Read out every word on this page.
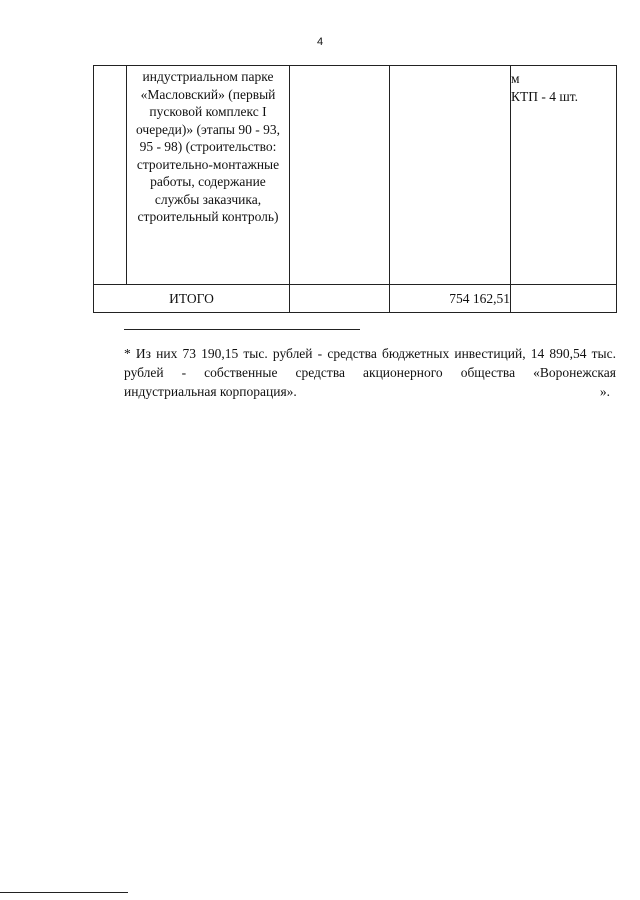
4

	индустриальном парке «Масловский» (первый пусковой комплекс I очереди)» (этапы 90 - 93, 95 - 98) (строительство: строительно-монтажные работы, содержание службы заказчика, строительный контроль)			м
КТП - 4 шт.

ИТОГО			754 162,51	
* Из них 73 190,15 тыс. рублей - средства бюджетных инвестиций, 14 890,54 тыс. рублей - собственные средства акционерного общества «Воронежская индустриальная корпорация».	».
